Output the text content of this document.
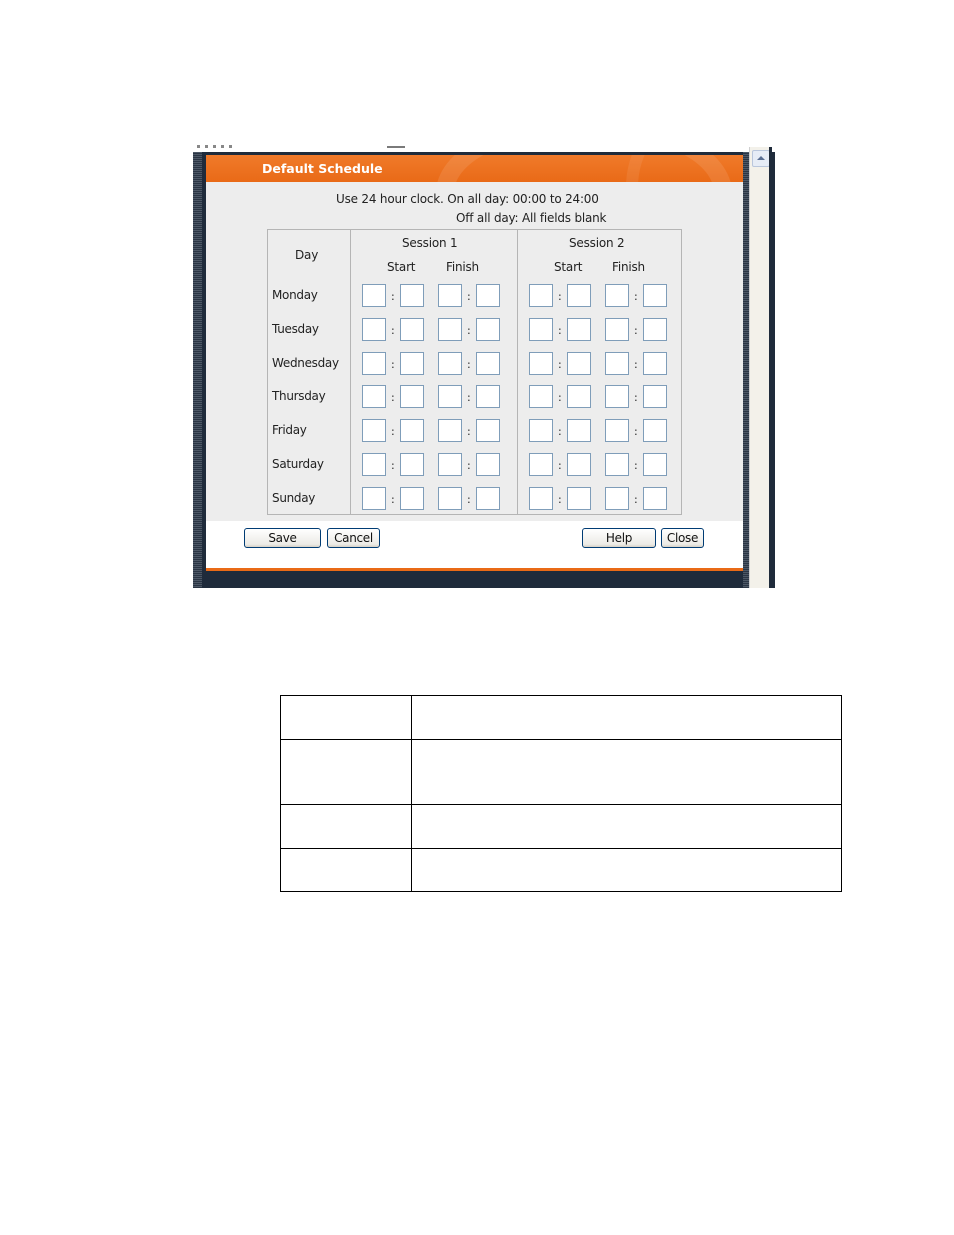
Default Schedule
Use 24 hour clock. On all day: 00:00 to 24:00
Off all day: All fields blank
Day
Session 1
Start	Finish
Session 2
Start Finish
Monday	:	:	:	:
Tuesday	:	:	:	:
Wednesday	:	:	:	:
Thursday	:	:	:	:
Friday	:	:	:	:
Saturday	:	:	:	:
Sunday	:	:	:	:
Save	Cancel	Help	Close
